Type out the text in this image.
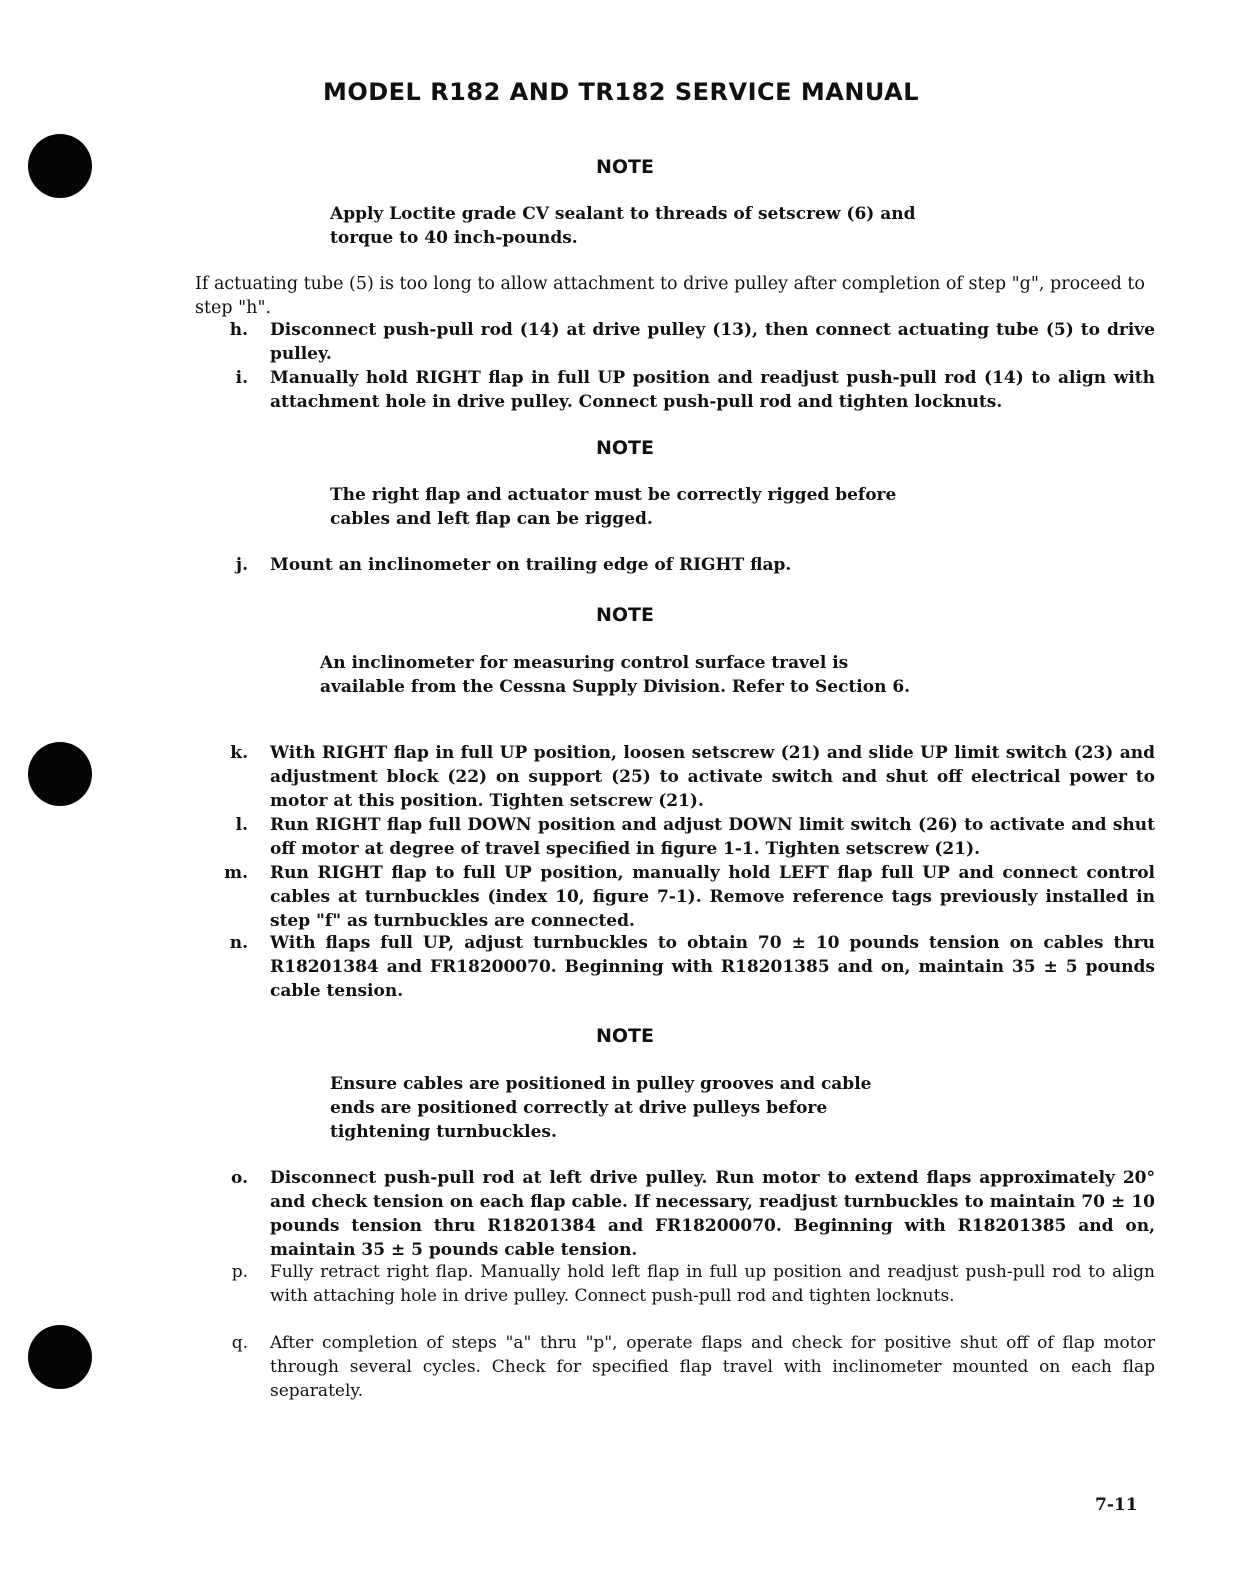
MODEL R182 AND TR182 SERVICE MANUAL
NOTE
Apply Loctite grade CV sealant to threads of setscrew (6) and torque to 40 inch-pounds.
If actuating tube (5) is too long to allow attachment to drive pulley after completion of step "g", proceed to step "h".
h. Disconnect push-pull rod (14) at drive pulley (13), then connect actuating tube (5) to drive pulley.
i. Manually hold RIGHT flap in full UP position and readjust push-pull rod (14) to align with attachment hole in drive pulley. Connect push-pull rod and tighten locknuts.
NOTE
The right flap and actuator must be correctly rigged before cables and left flap can be rigged.
j. Mount an inclinometer on trailing edge of RIGHT flap.
NOTE
An inclinometer for measuring control surface travel is available from the Cessna Supply Division. Refer to Section 6.
k. With RIGHT flap in full UP position, loosen setscrew (21) and slide UP limit switch (23) and adjustment block (22) on support (25) to activate switch and shut off electrical power to motor at this position. Tighten setscrew (21).
l. Run RIGHT flap full DOWN position and adjust DOWN limit switch (26) to activate and shut off motor at degree of travel specified in figure 1-1. Tighten setscrew (21).
m. Run RIGHT flap to full UP position, manually hold LEFT flap full UP and connect control cables at turnbuckles (index 10, figure 7-1). Remove reference tags previously installed in step "f" as turnbuckles are connected.
n. With flaps full UP, adjust turnbuckles to obtain 70 ± 10 pounds tension on cables thru R18201384 and FR18200070. Beginning with R18201385 and on, maintain 35 ± 5 pounds cable tension.
NOTE
Ensure cables are positioned in pulley grooves and cable ends are positioned correctly at drive pulleys before tightening turnbuckles.
o. Disconnect push-pull rod at left drive pulley. Run motor to extend flaps approximately 20° and check tension on each flap cable. If necessary, readjust turnbuckles to maintain 70 ± 10 pounds tension thru R18201384 and FR18200070. Beginning with R18201385 and on, maintain 35 ± 5 pounds cable tension.
p. Fully retract right flap. Manually hold left flap in full up position and readjust push-pull rod to align with attaching hole in drive pulley. Connect push-pull rod and tighten locknuts.
q. After completion of steps "a" thru "p", operate flaps and check for positive shut off of flap motor through several cycles. Check for specified flap travel with inclinometer mounted on each flap separately.
7-11
